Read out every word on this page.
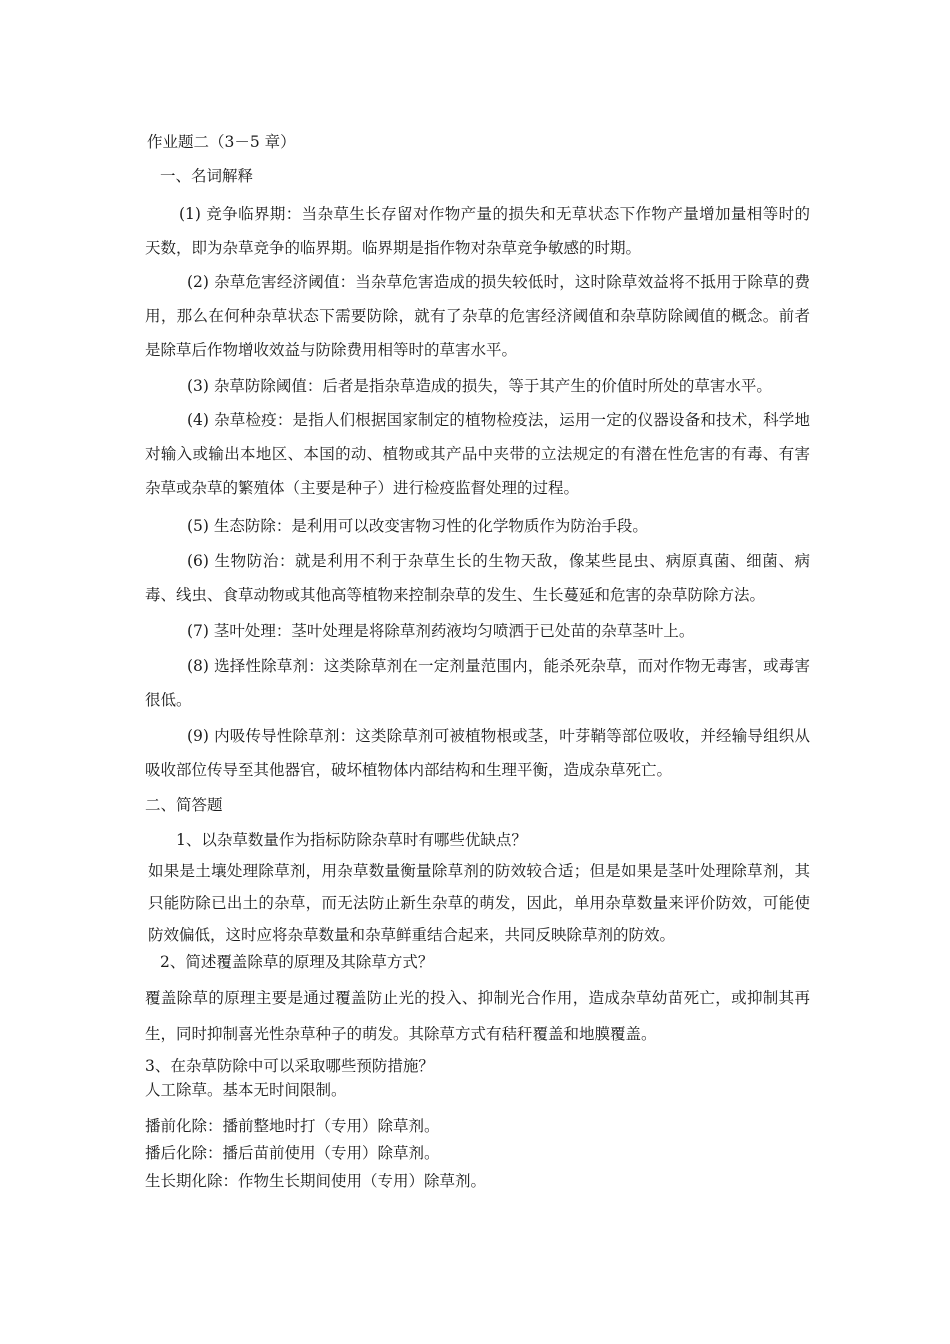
作业题二（3－5 章）
一、名词解释
(1) 竞争临界期：当杂草生长存留对作物产量的损失和无草状态下作物产量增加量相等时的天数，即为杂草竞争的临界期。临界期是指作物对杂草竞争敏感的时期。
(2) 杂草危害经济阈值：当杂草危害造成的损失较低时，这时除草效益将不抵用于除草的费用，那么在何种杂草状态下需要防除，就有了杂草的危害经济阈值和杂草防除阈值的概念。前者是除草后作物增收效益与防除费用相等时的草害水平。
(3) 杂草防除阈值：后者是指杂草造成的损失，等于其产生的价值时所处的草害水平。
(4) 杂草检疫：是指人们根据国家制定的植物检疫法，运用一定的仪器设备和技术，科学地对输入或输出本地区、本国的动、植物或其产品中夹带的立法规定的有潜在性危害的有毒、有害杂草或杂草的繁殖体（主要是种子）进行检疫监督处理的过程。
(5) 生态防除：是利用可以改变害物习性的化学物质作为防治手段。
(6) 生物防治：就是利用不利于杂草生长的生物天敌，像某些昆虫、病原真菌、细菌、病毒、线虫、食草动物或其他高等植物来控制杂草的发生、生长蔓延和危害的杂草防除方法。
(7) 茎叶处理：茎叶处理是将除草剂药液均匀喷洒于已处苗的杂草茎叶上。
(8) 选择性除草剂：这类除草剂在一定剂量范围内，能杀死杂草，而对作物无毒害，或毒害很低。
(9) 内吸传导性除草剂：这类除草剂可被植物根或茎，叶芽鞘等部位吸收，并经输导组织从吸收部位传导至其他器官，破坏植物体内部结构和生理平衡，造成杂草死亡。
二、简答题
1、以杂草数量作为指标防除杂草时有哪些优缺点？
如果是土壤处理除草剂，用杂草数量衡量除草剂的防效较合适；但是如果是茎叶处理除草剂，其只能防除已出土的杂草，而无法防止新生杂草的萌发，因此，单用杂草数量来评价防效，可能使防效偏低，这时应将杂草数量和杂草鲜重结合起来，共同反映除草剂的防效。
2、简述覆盖除草的原理及其除草方式？
覆盖除草的原理主要是通过覆盖防止光的投入、抑制光合作用，造成杂草幼苗死亡，或抑制其再生，同时抑制喜光性杂草种子的萌发。其除草方式有秸秆覆盖和地膜覆盖。
3、在杂草防除中可以采取哪些预防措施？
人工除草。基本无时间限制。
播前化除：播前整地时打（专用）除草剂。
播后化除：播后苗前使用（专用）除草剂。
生长期化除：作物生长期间使用（专用）除草剂。
